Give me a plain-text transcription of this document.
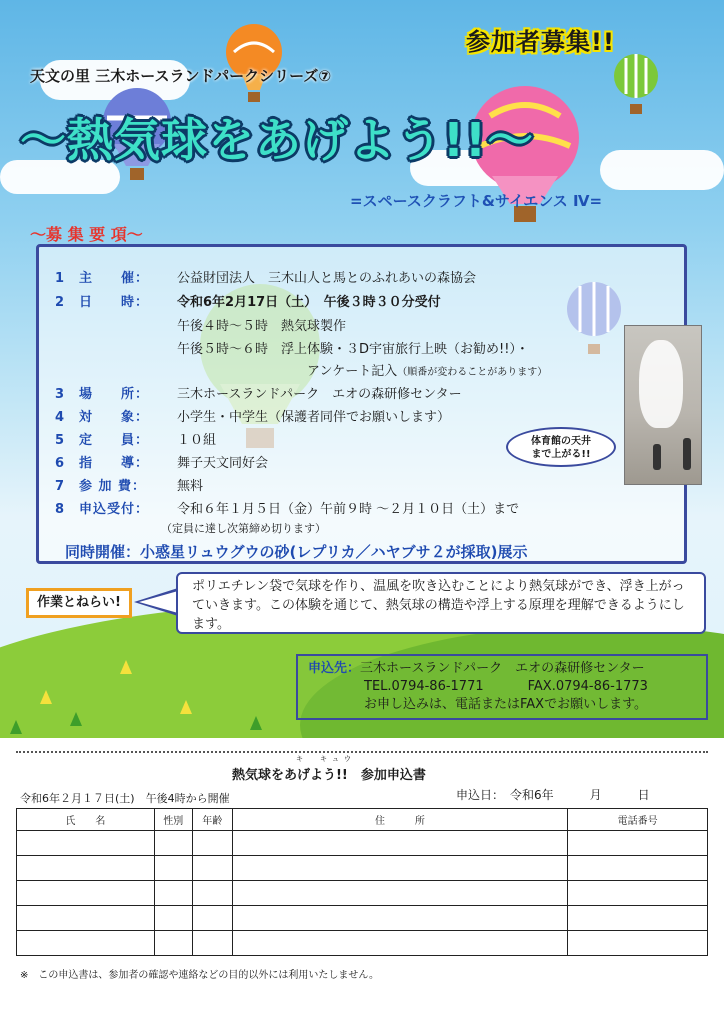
参加者募集!!
天文の里 三木ホースランドパークシリーズ⑦
〜熱気球をあげよう!!〜
=スペースクラフト&サイエンス Ⅳ=
〜募 集 要 項〜
1 主　　催： 公益財団法人　三木山人と馬とのふれあいの森協会
2 日　　時： 令和6年2月17日（土）　午後３時３０分受付
午後４時〜５時　熱気球製作
午後５時〜６時　浮上体験・３D宇宙旅行上映（お勧め!!）・
アンケート記入（順番が変わることがあります）
3 場　　所： 三木ホースランドパーク　エオの森研修センター
4 対　　象： 小学生・中学生（保護者同伴でお願いします）
5 定　　員： １０組
6 指　　導： 舞子天文同好会
7 参 加 費： 無料
8 申込受付： 令和６年１月５日（金）午前９時 〜２月１０日（土）まで
（定員に達し次第締め切ります）
同時開催：小惑星リュウグウの砂(レプリカ／ハヤブサ２が採取)展示
体育館の天井
まで上がる!!
作業とねらい!
ポリエチレン袋で気球を作り、温風を吹き込むことにより熱気球ができ、浮き上がっていきます。この体験を通じて、熱気球の構造や浮上する原理を理解できるようにします。
申込先：三木ホースランドパーク　エオの森研修センター
TEL.0794-86-1771	FAX.0794-86-1773
お申し込みは、電話またはFAXでお願いします。
キ　キュウ
熱気球をあげよう!!　参加申込書
令和6年２月１７日(土)　午後4時から開催	申込日：　令和6年　　　月　　　日
氏　　名	性別	年齢	住　　　所	電話番号

※　この申込書は、参加者の確認や連絡などの目的以外には利用いたしません。
